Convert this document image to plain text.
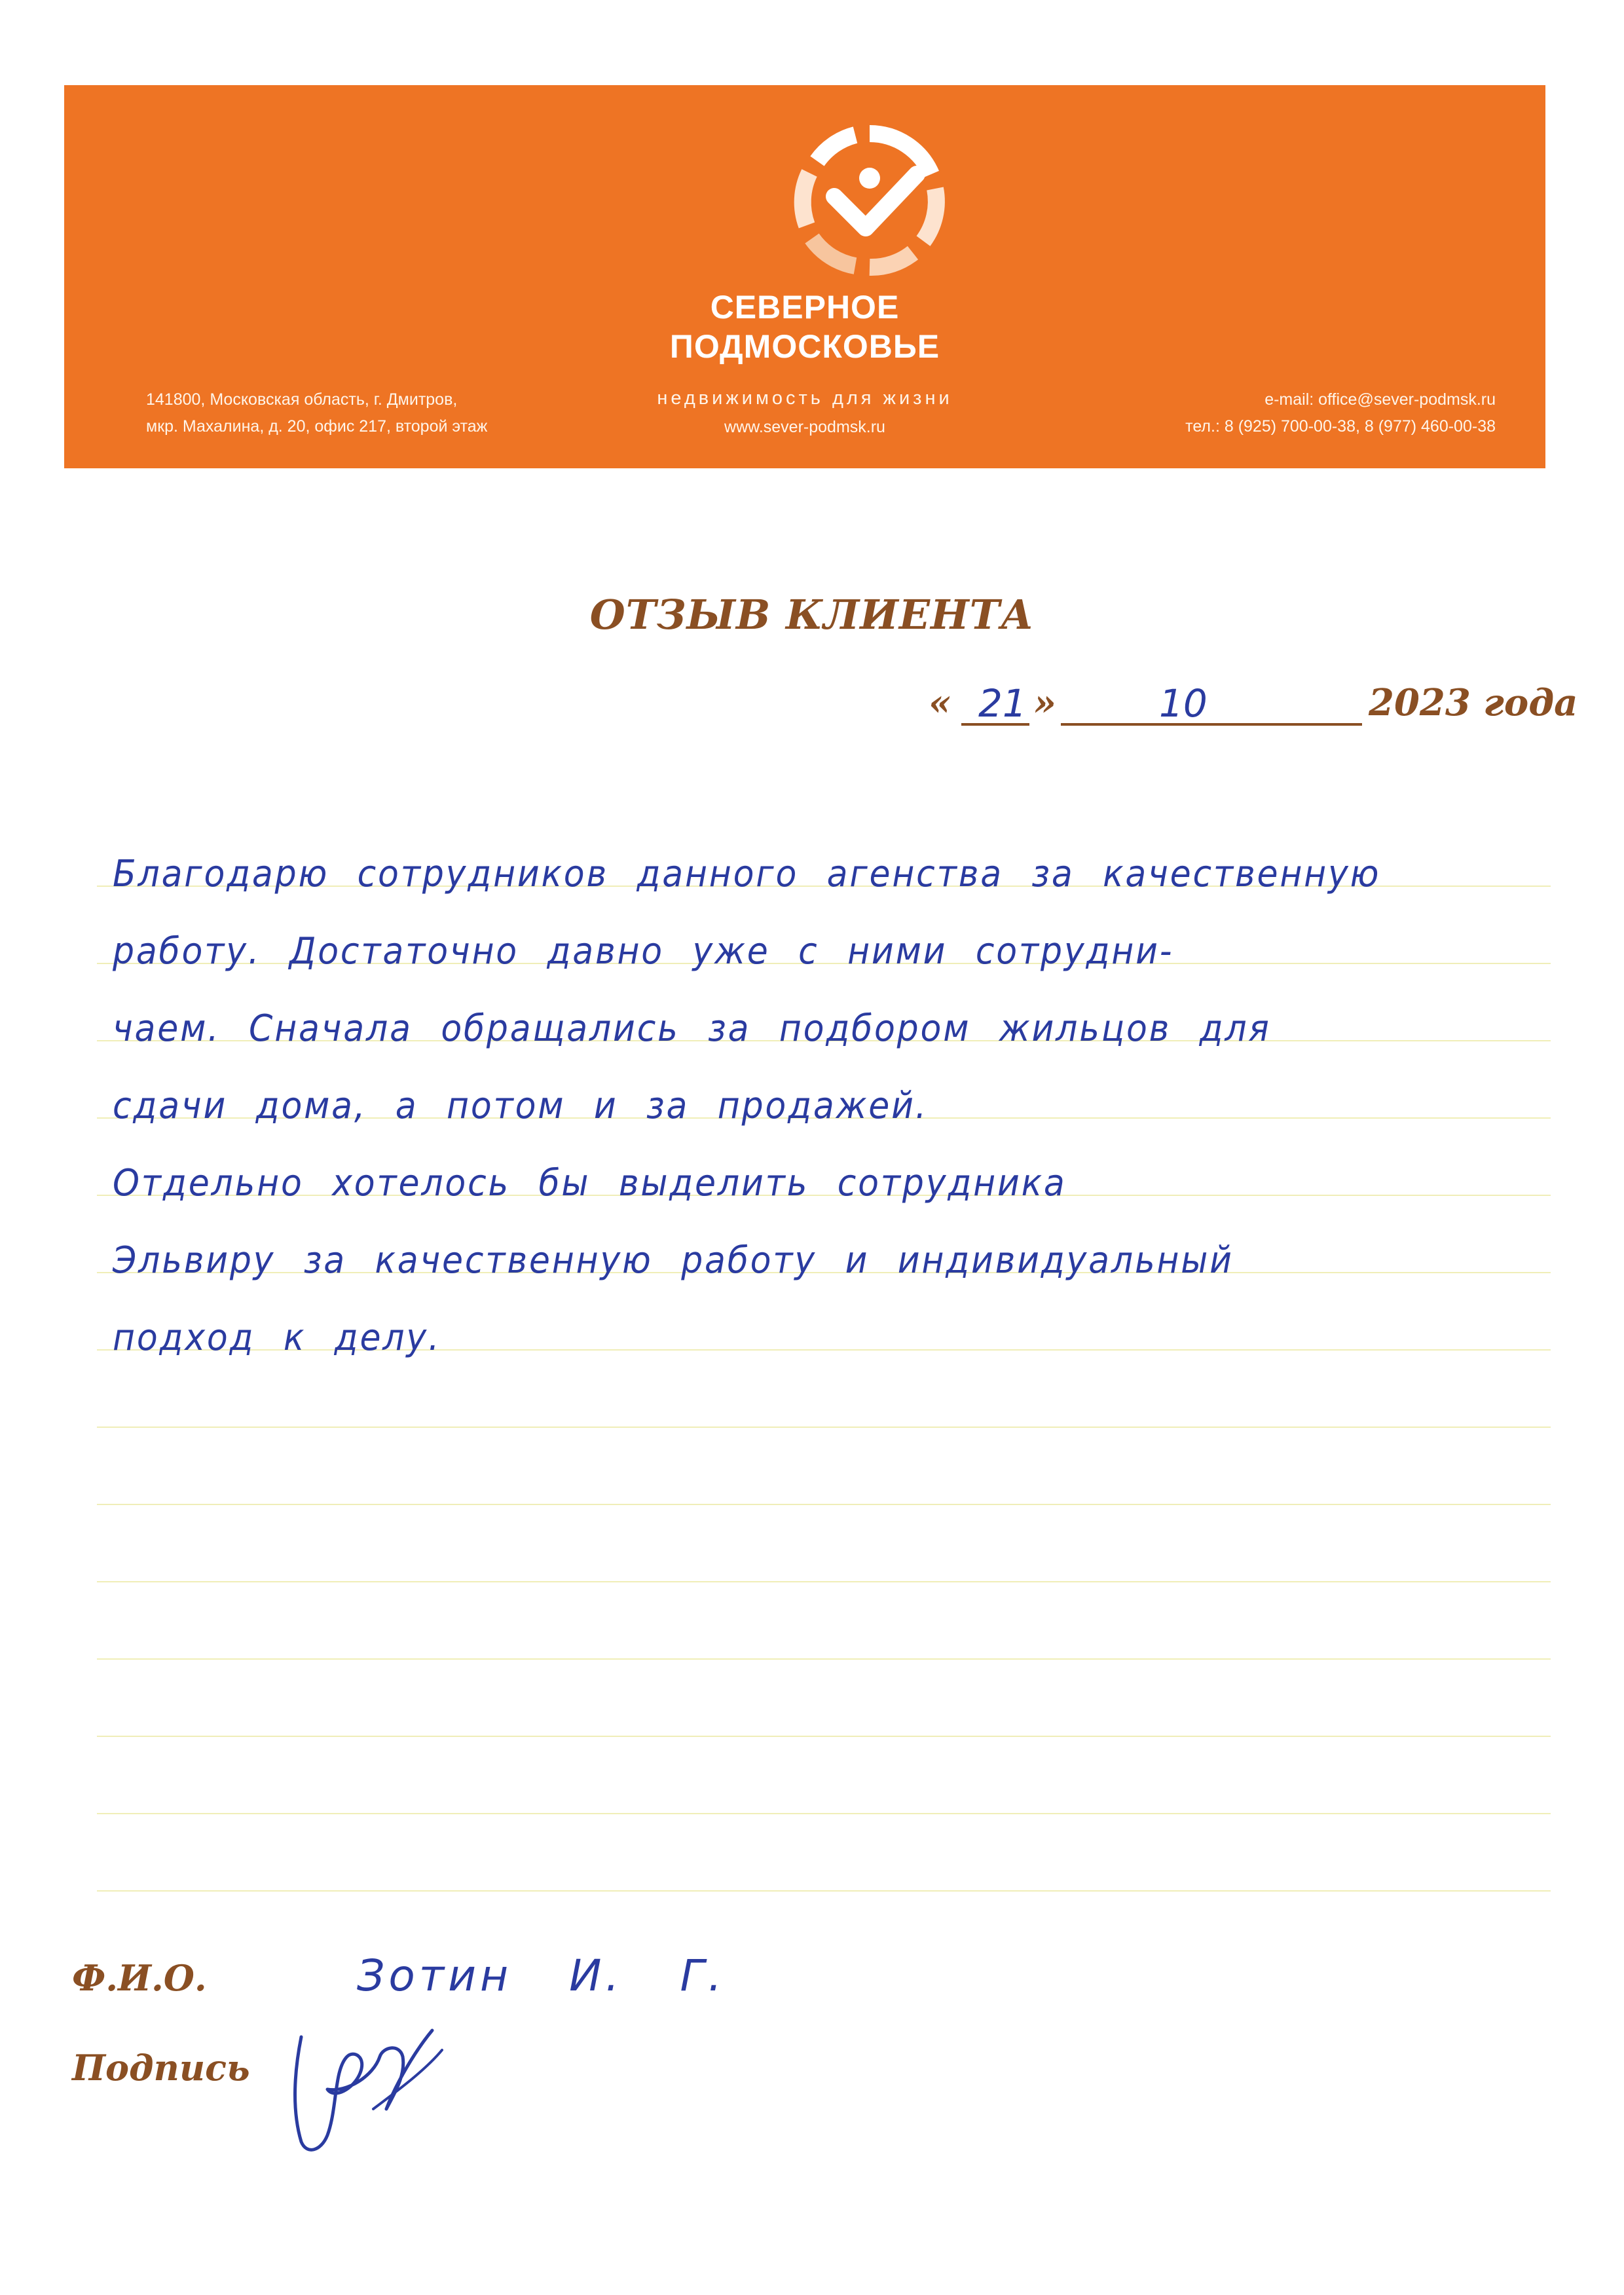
СЕВЕРНОЕ
ПОДМОСКОВЬЕ
недвижимость для жизни
www.sever-podmsk.ru
141800, Московская область, г. Дмитров,
мкр. Махалина, д. 20, офис 217, второй этаж
e-mail: office@sever-podmsk.ru
тел.: 8 (925) 700-00-38, 8 (977) 460-00-38
ОТЗЫВ КЛИЕНТА
« 21 »	10	2023 года
Благодарю сотрудников данного агенства за качественную
работу. Достаточно давно уже с ними сотрудни-
чаем. Сначала обращались за подбором жильцов для
сдачи дома, а потом и за продажей.
Отдельно хотелось бы выделить сотрудника
Эльвиру за качественную работу и индивидуальный
подход к делу.
Ф.И.О.	Зотин И. Г.
Подпись
